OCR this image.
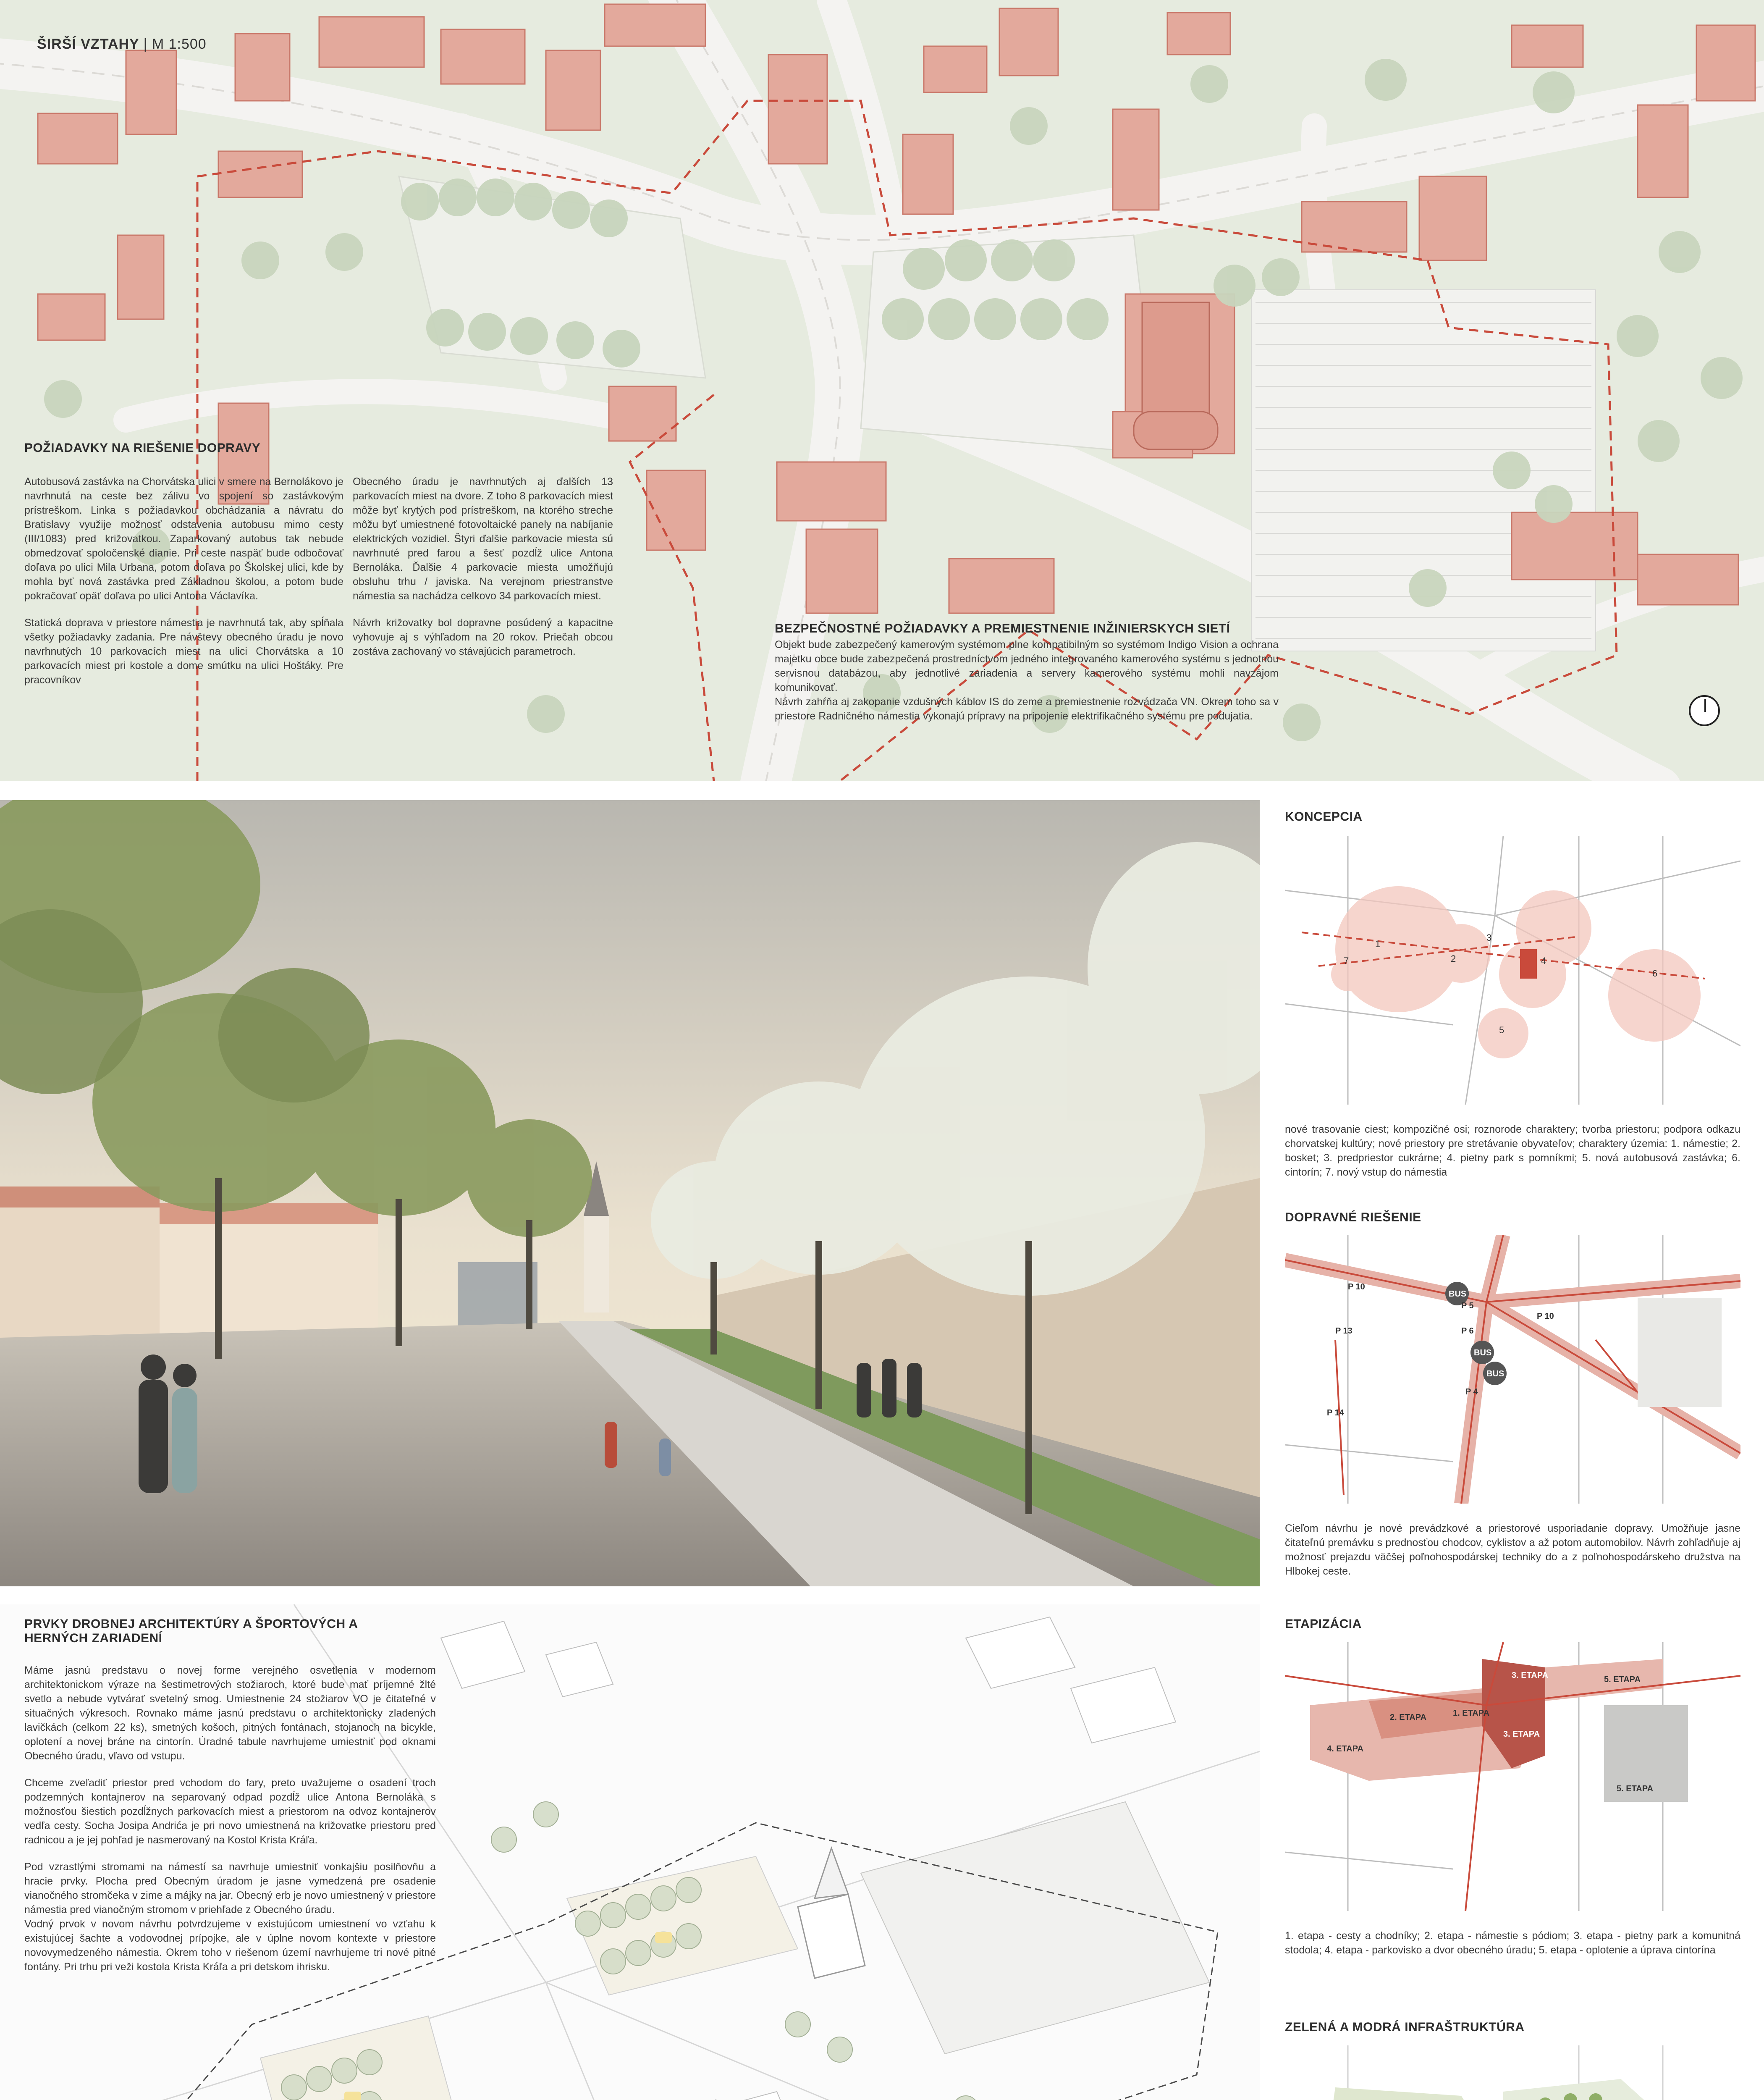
ŠIRŠÍ VZTAHY | M 1:500
POŽIADAVKY NA RIEŠENIE DOPRAVY

Autobusová zastávka na Chorvátska ulici v smere na Bernolákovo je navrhnutá na ceste bez zálivu vo spojení so zastávkovým prístreškom. Linka s požiadavkou obchádzania a návratu do Bratislavy využije možnosť odstavenia autobusu mimo cesty (III/1083) pred križovatkou. Zaparkovaný autobus tak nebude obmedzovať spoločenské dianie. Pri ceste naspäť bude odbočovať doľava po ulici Mila Urbana, potom doľava po Školskej ulici, kde by mohla byť nová zastávka pred Základnou školou, a potom bude pokračovať opäť doľava po ulici Antona Václavíka.

Statická doprava v priestore námestia je navrhnutá tak, aby spĺňala všetky požiadavky zadania. Pre návštevy obecného úradu je novo navrhnutých 10 parkovacích miest na ulici Chorvátska a 10 parkovacích miest pri kostole a dome smútku na ulici Hoštáky. Pre pracovníkov

Obecného úradu je navrhnutých aj ďalších 13 parkovacích miest na dvore. Z toho 8 parkovacích miest môže byť krytých pod prístreškom, na ktorého streche môžu byť umiestnené fotovoltaické panely na nabíjanie elektrických vozidiel. Štyri ďalšie parkovacie miesta sú navrhnuté pred farou a šesť pozdĺž ulice Antona Bernoláka. Ďalšie 4 parkovacie miesta umožňujú obsluhu trhu / javiska. Na verejnom priestranstve námestia sa nachádza celkovo 34 parkovacích miest.

Návrh križovatky bol dopravne posúdený a kapacitne vyhovuje aj s výhľadom na 20 rokov. Priečah obcou zostáva zachovaný vo stávajúcich parametroch.

BEZPEČNOSTNÉ POŽIADAVKY A PREMIESTNENIE INŽINIERSKYCH SIETÍ

Objekt bude zabezpečený kamerovým systémom plne kompatibilným so systémom Indigo Vision a ochrana majetku obce bude zabezpečená prostredníctvom jedného integrovaného kamerového systému s jednotnou servisnou databázou, aby jednotlivé zariadenia a servery kamerového systému mohli navzájom komunikovať.

Návrh zahŕňa aj zakopanie vzdušných káblov IS do zeme a premiestnenie rozvádzača VN. Okrem toho sa v priestore Radničného námestia vykonajú prípravy na pripojenie elektrifikačného systému pre podujatia.

KONCEPCIA
1
2
3
4
5
6
7
nové trasovanie ciest; kompozičné osi; roznorode charaktery; tvorba priestoru; podpora odkazu chorvatskej kultúry; nové priestory pre stretávanie obyvateľov; charaktery územia: 1. námestie; 2. bosket; 3. predpriestor cukrárne; 4. pietny park s pomníkmi; 5. nová autobusová zastávka; 6. cintorín; 7. nový vstup do námestia
DOPRAVNÉ RIEŠENIE
BUS
BUS
BUS
P 10
P 10
P 13	P 6
P 4
P 14
P 5
Cieľom návrhu je nové prevádzkové a priestorové usporiadanie dopravy. Umožňuje jasne čitateľnú premávku s prednosťou chodcov, cyklistov a až potom automobilov. Návrh zohľadňuje aj možnosť prejazdu väčšej poľnohospodárskej techniky do a z poľnohospodárskeho družstva na Hlbokej ceste.
ETAPIZÁCIA
1. ETAPA
2. ETAPA
3. ETAPA
3. ETAPA
4. ETAPA
5. ETAPA
5. ETAPA
1. etapa - cesty a chodníky; 2. etapa - námestie s pódiom; 3. etapa - pietny park a komunitná stodola; 4. etapa - parkovisko a dvor obecného úradu; 5. etapa - oplotenie a úprava cintorína
ZELENÁ A MODRÁ INFRAŠTRUKTÚRA
PRVKY DROBNEJ ARCHITEKTÚRY A ŠPORTOVÝCH A HERNÝCH ZARIADENÍ

Máme jasnú predstavu o novej forme verejného osvetlenia v modernom architektonickom výraze na šestimetrových stožiaroch, ktoré bude mať príjemné žlté svetlo a nebude vytvárať svetelný smog. Umiestnenie 24 stožiarov VO je čitateľné v situačných výkresoch. Rovnako máme jasnú predstavu o architektonicky zladených lavičkách (celkom 22 ks), smetných košoch, pitných fontánach, stojanoch na bicykle, oplotení a novej bráne na cintorín. Úradné tabule navrhujeme umiestniť pod oknami Obecného úradu, vľavo od vstupu.

Chceme zveľadiť priestor pred vchodom do fary, preto uvažujeme o osadení troch podzemných kontajnerov na separovaný odpad pozdĺž ulice Antona Bernoláka s možnosťou šiestich pozdĺžnych parkovacích miest a priestorom na odvoz kontajnerov vedľa cesty. Socha Josipa Andrića je pri novo umiestnená na križovatke priestoru pred radnicou a je jej pohľad je nasmerovaný na Kostol Krista Kráľa.

Pod vzrastlými stromami na námestí sa navrhuje umiestniť vonkajšiu posilňovňu a hracie prvky. Plocha pred Obecným úradom je jasne vymedzená pre osadenie vianočného stromčeka v zime a májky na jar. Obecný erb je novo umiestnený v priestore námestia pred vianočným stromom v priehľade z Obecného úradu.

Vodný prvok v novom návrhu potvrdzujeme v existujúcom umiestnení vo vzťahu k existujúcej šachte a vodovodnej prípojke, ale v úplne novom kontexte v priestore novovymedzeného námestia. Okrem toho v riešenom území navrhujeme tri nové pitné fontány. Pri trhu pri veži kostola Krista Kráľa a pri detskom ihrisku.
